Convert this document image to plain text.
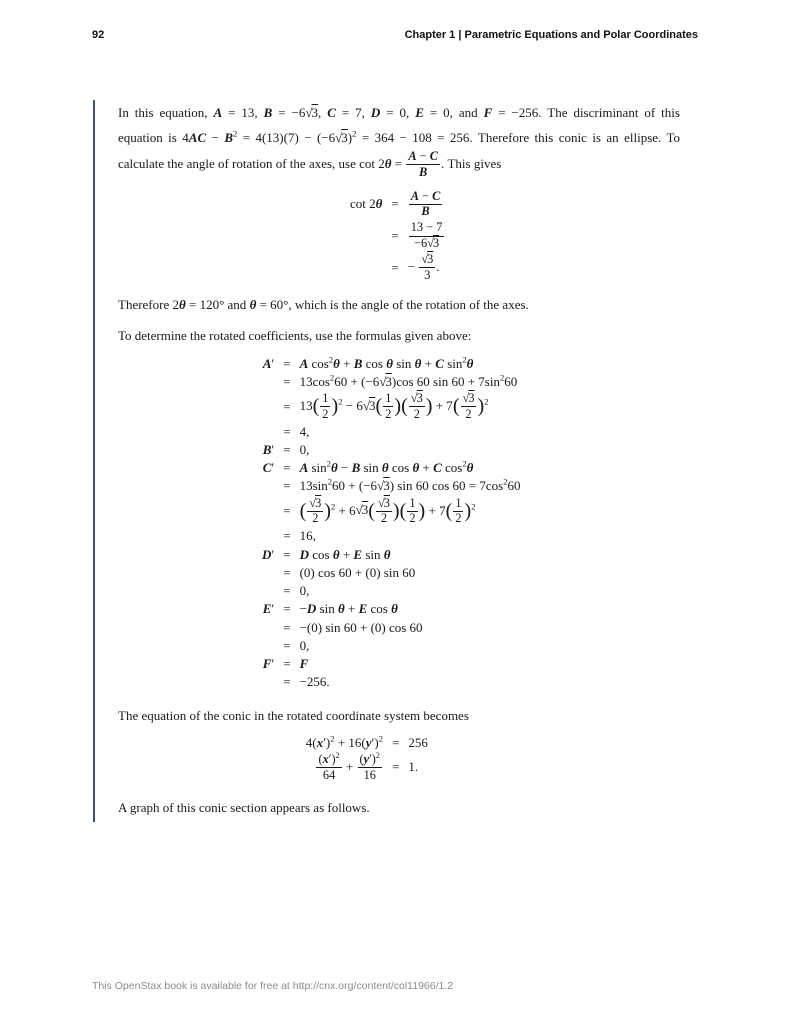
92	Chapter 1 | Parametric Equations and Polar Coordinates
In this equation, A = 13, B = −6√3, C = 7, D = 0, E = 0, and F = −256. The discriminant of this
equation is $4AC - B^2 = 4(13)(7) - (-6√3)^2 = 364 - 108 = 256$. Therefore this conic is an ellipse. To
calculate the angle of rotation of the axes, use $\cot 2\theta = \frac{A - C}{B}$ . This gives
cot 2θ	=	$\frac{A - C}{B}$

	=	$\frac{13 - 7}{-6√3}$

	=	− $\frac{√3}{3}$ .

Therefore 2θ = 120° and θ = 60°, which is the angle of the rotation of the axes.

To determine the rotated coefficients, use the formulas given above:

A′	=	A $\cos^2\theta + B$ cos θ sin θ + C $\sin^2\theta$
	=	$13\cos^260 + (-6√3)\cos$ 60 $\sin 60 + 7\sin^260$
	=	$13( \frac{1}{2} )^2 - 6√3( \frac{1}{2}$ )( $\frac{√3}{2}$ ) + $7( \frac{√3}{2} )^2$
	=	4,
B′	=	0,
C′	=	A $\sin^2\theta - B$ sin θ cos θ + C $\cos^2\theta$
	=	$13\sin^260 + (-6√3)$ sin 60 $\cos 60 = 7\cos^260$
	=	( $\frac{√3}{2} )^2 + 6√3( \frac{√3}{2}$ )( $\frac{1}{2}$ ) + $7( \frac{1}{2} )^2$
	=	16,
D′	=	D cos θ + E sin θ
	=	(0) cos 60 + (0) sin 60
	=	0,
E′	=	−D sin θ + E cos θ
	=	−(0) sin 60 + (0) cos 60
	=	0,
F′	=	F
	=	−256.

The equation of the conic in the rotated coordinate system becomes

$4(x')^2 + 16(y')^2$	=	256

$\frac{(x')^2}{64} + \frac{(y')^2}{16}$	=	1.

A graph of this conic section appears as follows.

This OpenStax book is available for free at http://cnx.org/content/col11966/1.2
